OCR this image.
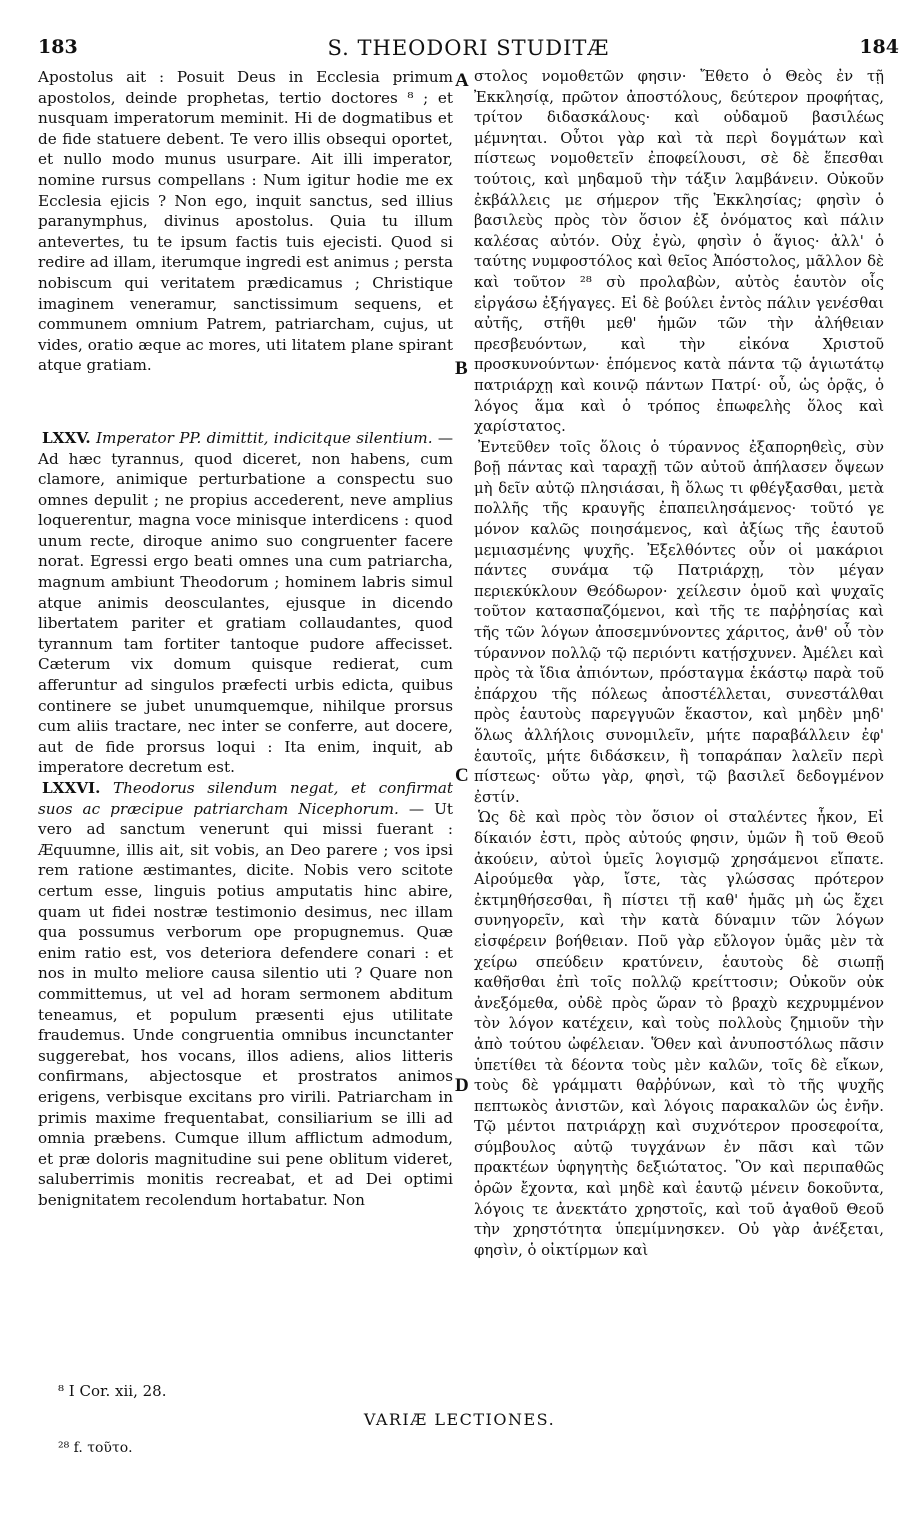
183	S. THEODORI STUDITÆ	184

Apostolus ait : Posuit Deus in Ecclesia primum apostolos, deinde prophetas, tertio doctores ⁸ ; et nusquam imperatorum meminit. Hi de dogmatibus et de fide statuere debent. Te vero illis obsequi oportet, et nullo modo munus usurpare. Ait illi imperator, nomine rursus compellans : Num igitur hodie me ex Ecclesia ejicis ? Non ego, inquit sanctus, sed illius paranymphus, divinus apostolus. Quia tu illum antevertes, tu te ipsum factis tuis ejecisti. Quod si redire ad illam, iterumque ingredi est animus ; persta nobiscum qui veritatem prædicamus ; Christique imaginem veneramur, sanctissimum sequens, et communem omnium Patrem, patriarcham, cujus, ut vides, oratio æque ac mores, uti litatem plane spirant atque gratiam.

LXXV. Imperator PP. dimittit, indicitque silentium. — Ad hæc tyrannus, quod diceret, non habens, cum clamore, animique perturbatione a conspectu suo omnes depulit ; ne propius accederent, neve amplius loquerentur, magna voce minisque interdicens : quod unum recte, diroque animo suo congruenter facere norat. Egressi ergo beati omnes una cum patriarcha, magnum ambiunt Theodorum ; hominem labris simul atque animis deosculantes, ejusque in dicendo libertatem pariter et gratiam collaudantes, quod tyrannum tam fortiter tantoque pudore affecisset. Cæterum vix domum quisque redierat, cum afferuntur ad singulos præfecti urbis edicta, quibus continere se jubet unumquemque, nihilque prorsus cum aliis tractare, nec inter se conferre, aut docere, aut de fide prorsus loqui : Ita enim, inquit, ab imperatore decretum est.

LXXVI. Theodorus silendum negat, et confirmat suos ac præcipue patriarcham Nicephorum. — Ut vero ad sanctum venerunt qui missi fuerant : Æquumne, illis ait, sit vobis, an Deo parere ; vos ipsi rem ratione æstimantes, dicite. Nobis vero scitote certum esse, linguis potius amputatis hinc abire, quam ut fidei nostræ testimonio desimus, nec illam qua possumus verborum ope propugnemus. Quæ enim ratio est, vos deteriora defendere conari : et nos in multo meliore causa silentio uti ? Quare non committemus, ut vel ad horam sermonem abditum teneamus, et populum præsenti ejus utilitate fraudemus. Unde congruentia omnibus incunctanter suggerebat, hos vocans, illos adiens, alios litteris confirmans, abjectosque et prostratos animos erigens, verbisque excitans pro virili. Patriarcham in primis maxime frequentabat, consiliarium se illi ad omnia præbens. Cumque illum afflictum admodum, et præ doloris magnitudine sui pene oblitum videret, saluberrimis monitis recreabat, et ad Dei optimi benignitatem recolendum hortabatur. Non

στολος νομοθετῶν φησιν· Ἔθετο ὁ Θεὸς ἐν τῇ Ἐκκλησίᾳ, πρῶτον ἀποστόλους, δεύτερον προφήτας, τρίτον διδασκάλους· καὶ οὐδαμοῦ βασιλέως μέμνηται. Οὗτοι γὰρ καὶ τὰ περὶ δογμάτων καὶ πίστεως νομοθετεῖν ἐποφείλουσι, σὲ δὲ ἕπεσθαι τούτοις, καὶ μηδαμοῦ τὴν τάξιν λαμβάνειν. Οὐκοῦν ἐκβάλλεις με σήμερον τῆς Ἐκκλησίας; φησὶν ὁ βασιλεὺς πρὸς τὸν ὅσιον ἐξ ὀνόματος καὶ πάλιν καλέσας αὐτόν. Οὐχ ἐγὼ, φησὶν ὁ ἅγιος· ἀλλ' ὁ ταύτης νυμφοστόλος καὶ θεῖος Ἀπόστολος, μᾶλλον δὲ καὶ τοῦτον ²⁸ σὺ προλαβὼν, αὐτὸς ἑαυτὸν οἷς εἰργάσω ἐξήγαγες. Εἰ δὲ βούλει ἐντὸς πάλιν γενέσθαι αὐτῆς, στῆθι μεθ' ἡμῶν τῶν τὴν ἀλήθειαν πρεσβευόντων, καὶ τὴν εἰκόνα Χριστοῦ προσκυνούντων· ἑπόμενος κατὰ πάντα τῷ ἁγιωτάτῳ πατριάρχῃ καὶ κοινῷ πάντων Πατρί· οὗ, ὡς ὁρᾷς, ὁ λόγος ἅμα καὶ ὁ τρόπος ἐπωφελὴς ὅλος καὶ χαρίστατος.

Ἐντεῦθεν τοῖς ὅλοις ὁ τύραννος ἐξαπορηθεὶς, σὺν βοῇ πάντας καὶ ταραχῇ τῶν αὐτοῦ ἀπήλασεν ὄψεων μὴ δεῖν αὐτῷ πλησιάσαι, ἢ ὅλως τι φθέγξασθαι, μετὰ πολλῆς τῆς κραυγῆς ἐπαπειλησάμενος· τοῦτό γε μόνον καλῶς ποιησάμενος, καὶ ἀξίως τῆς ἑαυτοῦ μεμιασμένης ψυχῆς. Ἐξελθόντες οὖν οἱ μακάριοι πάντες συνάμα τῷ Πατριάρχῃ, τὸν μέγαν περιεκύκλουν Θεόδωρον· χείλεσιν ὁμοῦ καὶ ψυχαῖς τοῦτον κατασπαζόμενοι, καὶ τῆς τε παῤῥησίας καὶ τῆς τῶν λόγων ἀποσεμνύνοντες χάριτος, ἀνθ' οὗ τὸν τύραννον πολλῷ τῷ περιόντι κατῄσχυνεν. Ἀμέλει καὶ πρὸς τὰ ἴδια ἀπιόντων, πρόσταγμα ἑκάστῳ παρὰ τοῦ ἐπάρχου τῆς πόλεως ἀποστέλλεται, συνεστάλθαι πρὸς ἑαυτοὺς παρεγγυῶν ἕκαστον, καὶ μηδὲν μηδ' ὅλως ἀλλήλοις συνομιλεῖν, μήτε παραβάλλειν ἐφ' ἑαυτοῖς, μήτε διδάσκειν, ἢ τοπαράπαν λαλεῖν περὶ πίστεως· οὕτω γὰρ, φησὶ, τῷ βασιλεῖ δεδογμένον ἐστίν.

Ὡς δὲ καὶ πρὸς τὸν ὅσιον οἱ σταλέντες ἧκον, Εἰ δίκαιόν ἐστι, πρὸς αὐτούς φησιν, ὑμῶν ἢ τοῦ Θεοῦ ἀκούειν, αὐτοὶ ὑμεῖς λογισμῷ χρησάμενοι εἴπατε. Αἱρούμεθα γὰρ, ἴστε, τὰς γλώσσας πρότερον ἐκτμηθήσεσθαι, ἢ πίστει τῇ καθ' ἡμᾶς μὴ ὡς ἔχει συνηγορεῖν, καὶ τὴν κατὰ δύναμιν τῶν λόγων εἰσφέρειν βοήθειαν. Ποῦ γὰρ εὔλογον ὑμᾶς μὲν τὰ χείρω σπεύδειν κρατύνειν, ἑαυτοὺς δὲ σιωπῇ καθῆσθαι ἐπὶ τοῖς πολλῷ κρείττοσιν; Οὐκοῦν οὐκ ἀνεξόμεθα, οὐδὲ πρὸς ὥραν τὸ βραχὺ κεχρυμμένον τὸν λόγον κατέχειν, καὶ τοὺς πολλοὺς ζημιοῦν τὴν ἀπὸ τούτου ὠφέλειαν. Ὅθεν καὶ ἀνυποστόλως πᾶσιν ὑπετίθει τὰ δέοντα τοὺς μὲν καλῶν, τοῖς δὲ εἴκων, τοὺς δὲ γράμματι θαῤῥύνων, καὶ τὸ τῆς ψυχῆς πεπτωκὸς ἀνιστῶν, καὶ λόγοις παρακαλῶν ὡς ἐνῆν. Τῷ μέντοι πατριάρχῃ καὶ συχνότερον προσεφοίτα, σύμβουλος αὐτῷ τυγχάνων ἐν πᾶσι καὶ τῶν πρακτέων ὑφηγητὴς δεξιώτατος. Ὃν καὶ περιπαθῶς ὁρῶν ἔχοντα, καὶ μηδὲ καὶ ἑαυτῷ μένειν δοκοῦντα, λόγοις τε ἀνεκτάτο χρηστοῖς, καὶ τοῦ ἀγαθοῦ Θεοῦ τὴν χρηστότητα ὑπεμίμνησκεν. Οὐ γὰρ ἀνέξεται, φησὶν, ὁ οἰκτίρμων καὶ

A
B
C
D
⁸ I Cor. xii, 28.
VARIÆ LECTIONES.
²⁸ f. τοῦτο.
